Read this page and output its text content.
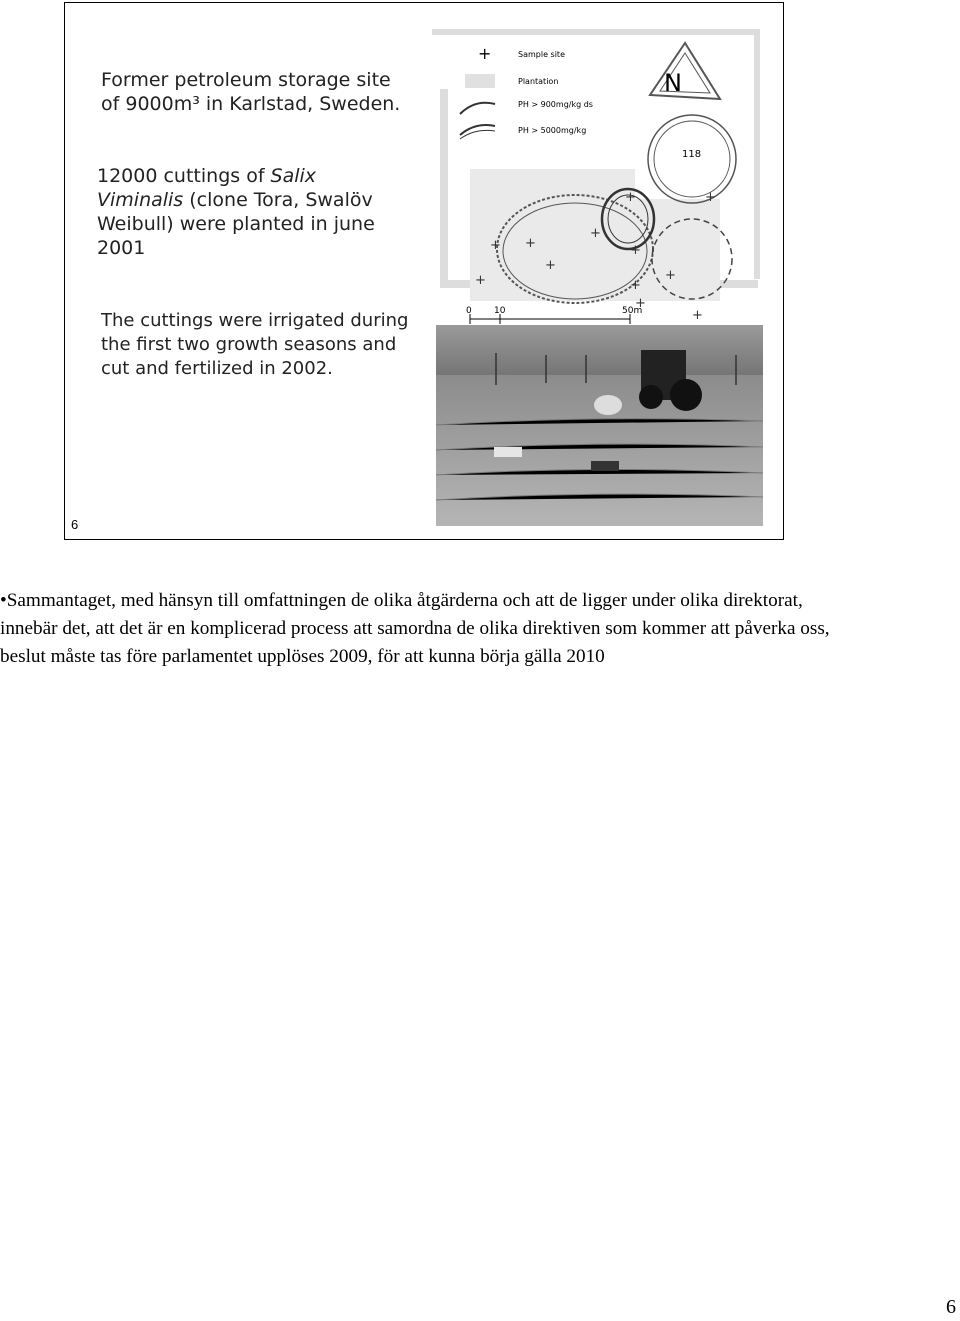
Former petroleum storage site of 9000m³ in Karlstad, Sweden.
12000 cuttings of Salix Viminalis (clone Tora, Swalöv Weibull) were planted in june 2001
The cuttings were irrigated during the first two growth seasons and cut and fertilized in 2002.
6
+	Sample site
Plantation
PH > 900mg/kg ds
PH > 5000mg/kg
N
118
+
+
+
+
+
+
+
+
+
+
+
+
0 10	50m
•Sammantaget, med hänsyn till omfattningen de olika åtgärderna och att de ligger under olika direktorat, innebär det, att det är en komplicerad process att samordna de olika direktiven som kommer att påverka oss, beslut måste tas före parlamentet upplöses 2009, för att kunna börja gälla 2010
6
